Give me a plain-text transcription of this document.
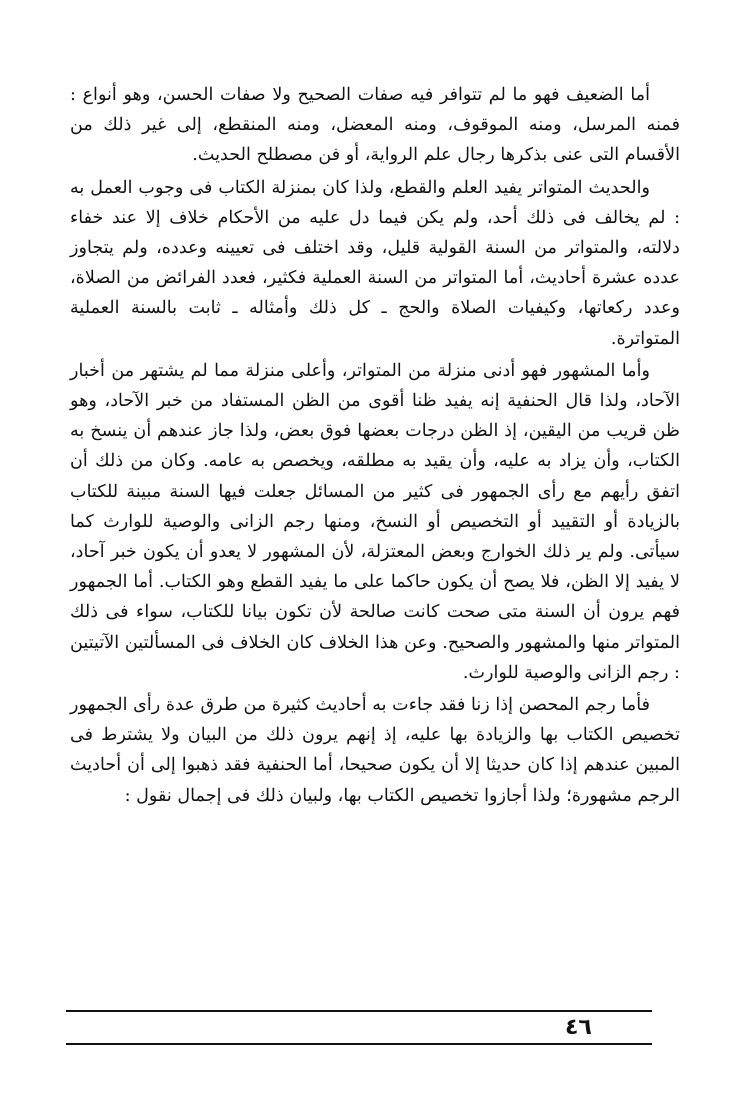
أما الضعيف فهو ما لم تتوافر فيه صفات الصحيح ولا صفات الحسن، وهو أنواع : فمنه المرسل، ومنه الموقوف، ومنه المعضل، ومنه المنقطع، إلى غير ذلك من الأقسام التى عنى بذكرها رجال علم الرواية، أو فن مصطلح الحديث.

والحديث المتواتر يفيد العلم والقطع، ولذا كان بمنزلة الكتاب فى وجوب العمل به : لم يخالف فى ذلك أحد، ولم يكن فيما دل عليه من الأحكام خلاف إلا عند خفاء دلالته، والمتواتر من السنة القولية قليل، وقد اختلف فى تعيينه وعدده، ولم يتجاوز عدده عشرة أحاديث، أما المتواتر من السنة العملية فكثير، فعدد الفرائض من الصلاة، وعدد ركعاتها، وكيفيات الصلاة والحج ـ كل ذلك وأمثاله ـ ثابت بالسنة العملية المتواترة.

وأما المشهور فهو أدنى منزلة من المتواتر، وأعلى منزلة مما لم يشتهر من أخبار الآحاد، ولذا قال الحنفية إنه يفيد ظنا أقوى من الظن المستفاد من خبر الآحاد، وهو ظن قريب من اليقين، إذ الظن درجات بعضها فوق بعض، ولذا جاز عندهم أن ينسخ به الكتاب، وأن يزاد به عليه، وأن يقيد به مطلقه، ويخصص به عامه. وكان من ذلك أن اتفق رأيهم مع رأى الجمهور فى كثير من المسائل جعلت فيها السنة مبينة للكتاب بالزيادة أو التقييد أو التخصيص أو النسخ، ومنها رجم الزانى والوصية للوارث كما سيأتى. ولم ير ذلك الخوارج وبعض المعتزلة، لأن المشهور لا يعدو أن يكون خبر آحاد، لا يفيد إلا الظن، فلا يصح أن يكون حاكما على ما يفيد القطع وهو الكتاب. أما الجمهور فهم يرون أن السنة متى صحت كانت صالحة لأن تكون بيانا للكتاب، سواء فى ذلك المتواتر منها والمشهور والصحيح. وعن هذا الخلاف كان الخلاف فى المسألتين الآتيتين : رجم الزانى والوصية للوارث.

فأما رجم المحصن إذا زنا فقد جاءت به أحاديث كثيرة من طرق عدة رأى الجمهور تخصيص الكتاب بها والزيادة بها عليه، إذ إنهم يرون ذلك من البيان ولا يشترط فى المبين عندهم إذا كان حديثا إلا أن يكون صحيحا، أما الحنفية فقد ذهبوا إلى أن أحاديث الرجم مشهورة؛ ولذا أجازوا تخصيص الكتاب بها، ولبيان ذلك فى إجمال نقول :

٤٦
